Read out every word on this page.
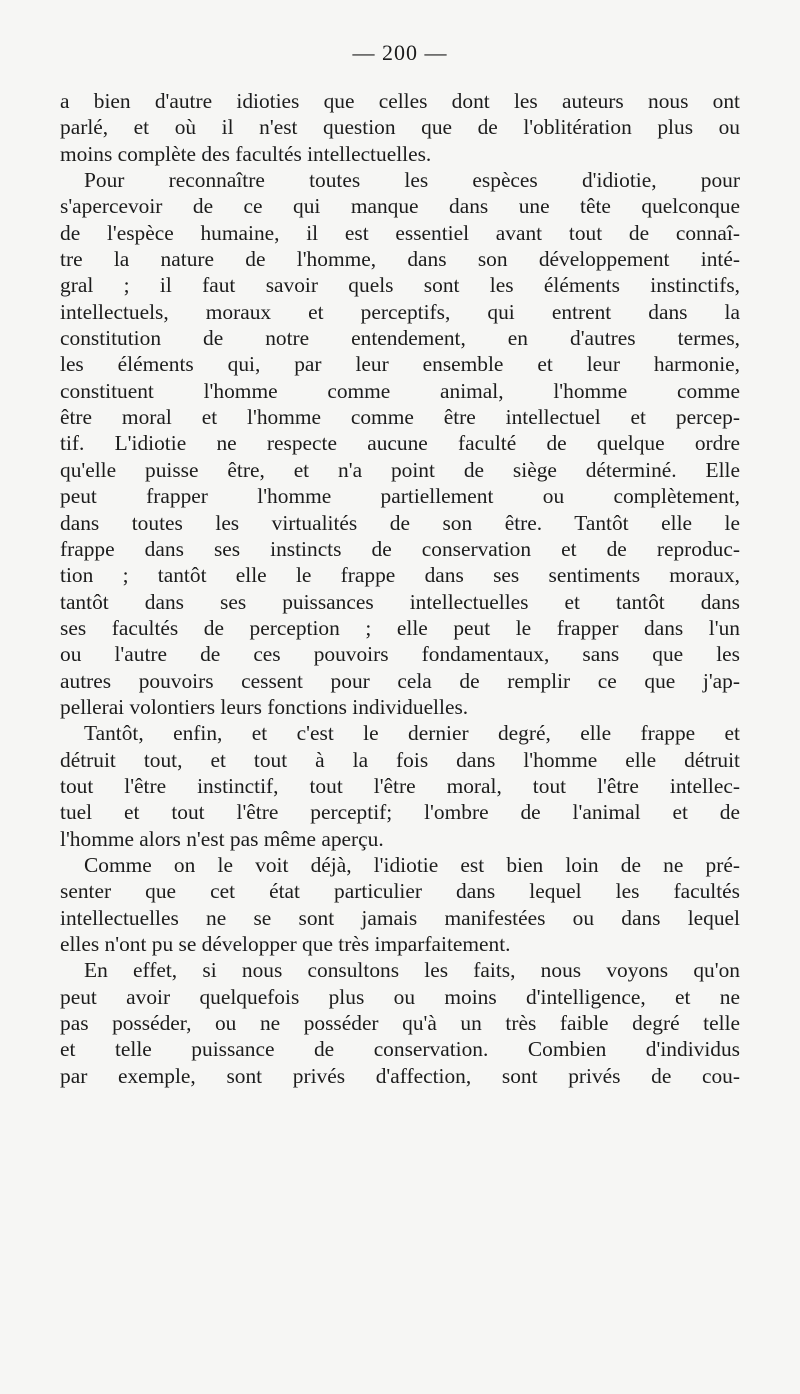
— 200 —
a bien d'autre idioties que celles dont les auteurs nous ont
parlé, et où il n'est question que de l'oblitération plus ou
moins complète des facultés intellectuelles.
Pour reconnaître toutes les espèces d'idiotie, pour
s'apercevoir de ce qui manque dans une tête quelconque
de l'espèce humaine, il est essentiel avant tout de connaî-
tre la nature de l'homme, dans son développement inté-
gral ; il faut savoir quels sont les éléments instinctifs,
intellectuels, moraux et perceptifs, qui entrent dans la
constitution de notre entendement, en d'autres termes,
les éléments qui, par leur ensemble et leur harmonie,
constituent l'homme comme animal, l'homme comme
être moral et l'homme comme être intellectuel et percep-
tif. L'idiotie ne respecte aucune faculté de quelque ordre
qu'elle puisse être, et n'a point de siège déterminé. Elle
peut frapper l'homme partiellement ou complètement,
dans toutes les virtualités de son être. Tantôt elle le
frappe dans ses instincts de conservation et de reproduc-
tion ; tantôt elle le frappe dans ses sentiments moraux,
tantôt dans ses puissances intellectuelles et tantôt dans
ses facultés de perception ; elle peut le frapper dans l'un
ou l'autre de ces pouvoirs fondamentaux, sans que les
autres pouvoirs cessent pour cela de remplir ce que j'ap-
pellerai volontiers leurs fonctions individuelles.
Tantôt, enfin, et c'est le dernier degré, elle frappe et
détruit tout, et tout à la fois dans l'homme elle détruit
tout l'être instinctif, tout l'être moral, tout l'être intellec-
tuel et tout l'être perceptif; l'ombre de l'animal et de
l'homme alors n'est pas même aperçu.
Comme on le voit déjà, l'idiotie est bien loin de ne pré-
senter que cet état particulier dans lequel les facultés
intellectuelles ne se sont jamais manifestées ou dans lequel
elles n'ont pu se développer que très imparfaitement.
En effet, si nous consultons les faits, nous voyons qu'on
peut avoir quelquefois plus ou moins d'intelligence, et ne
pas posséder, ou ne posséder qu'à un très faible degré telle
et telle puissance de conservation. Combien d'individus
par exemple, sont privés d'affection, sont privés de cou-
